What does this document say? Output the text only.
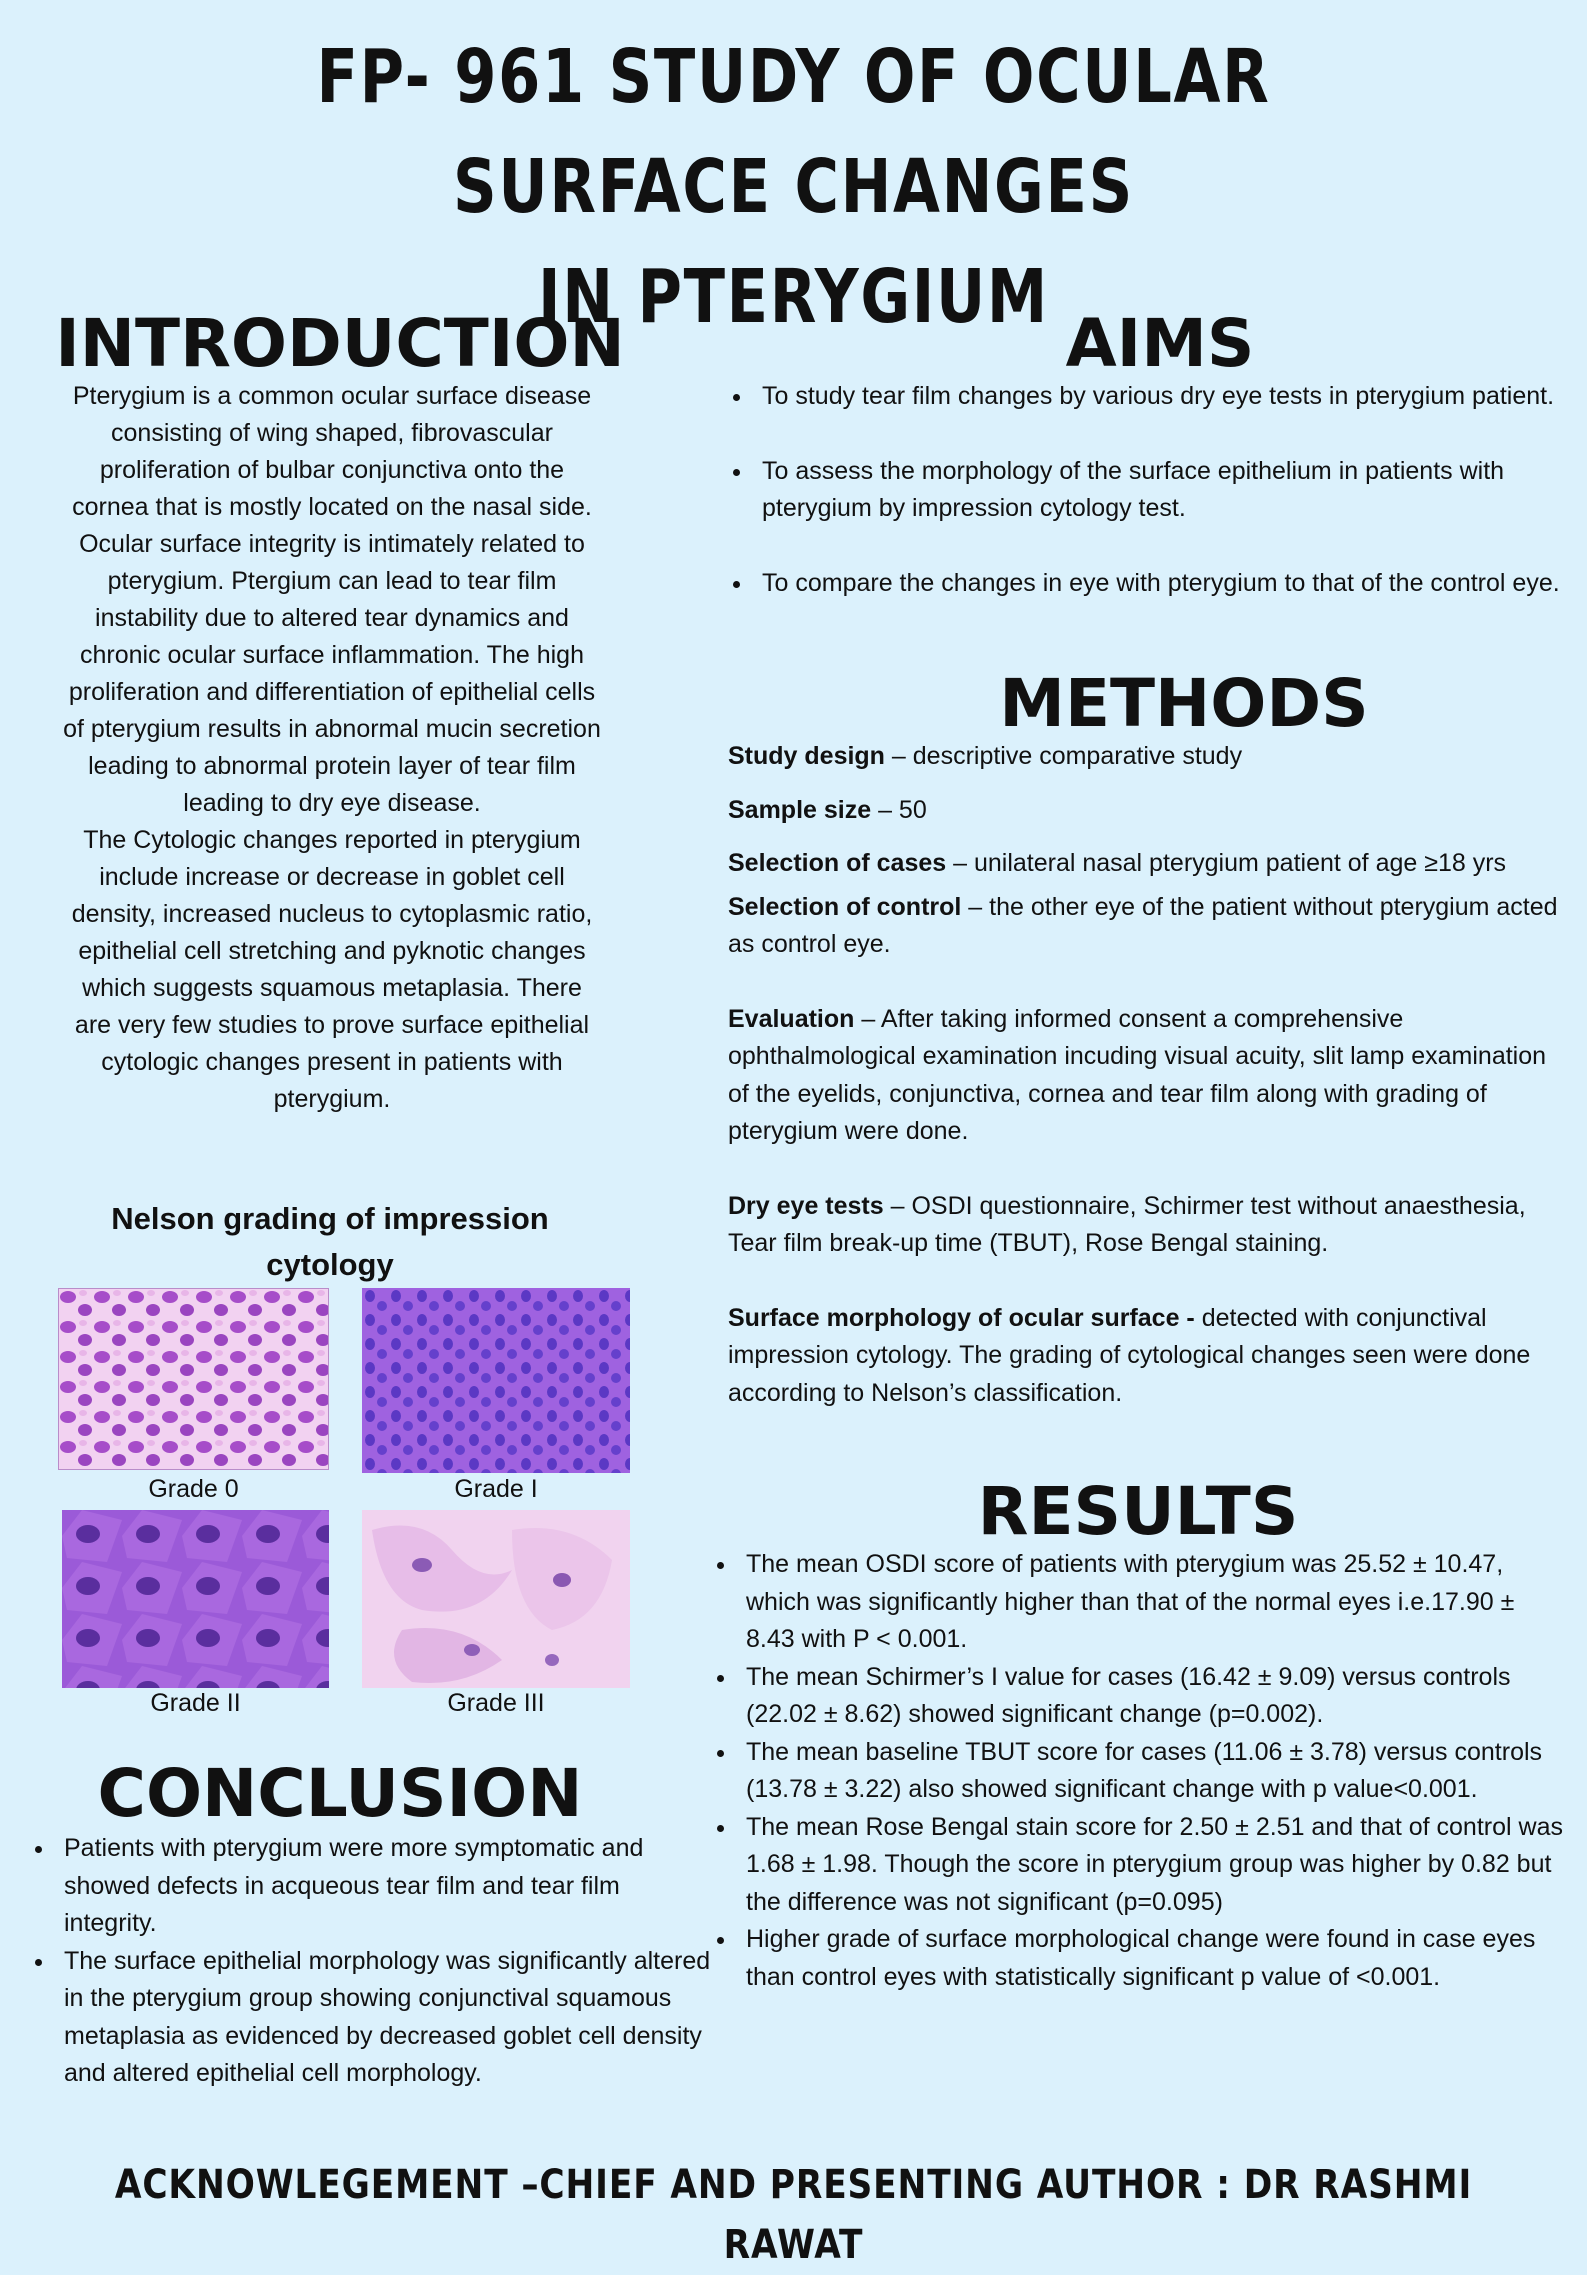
FP- 961 STUDY OF OCULAR SURFACE CHANGES
IN PTERYGIUM
INTRODUCTION

Pterygium is a common ocular surface disease consisting of wing shaped, fibrovascular proliferation of bulbar conjunctiva onto the cornea that is mostly located on the nasal side. Ocular surface integrity is intimately related to pterygium. Ptergium can lead to tear film instability due to altered tear dynamics and chronic ocular surface inflammation. The high proliferation and differentiation of epithelial cells of pterygium results in abnormal mucin secretion leading to abnormal protein layer of tear film leading to dry eye disease.

The Cytologic changes reported in pterygium include increase or decrease in goblet cell density, increased nucleus to cytoplasmic ratio, epithelial cell stretching and pyknotic changes which suggests squamous metaplasia. There are very few studies to prove surface epithelial cytologic changes present in patients with pterygium.

Nelson grading of impression cytology
Grade 0	Grade I
Grade II	Grade III
CONCLUSION
• Patients with pterygium were more symptomatic and showed defects in acqueous tear film and tear film integrity.
• The surface epithelial morphology was significantly altered in the pterygium group showing conjunctival squamous metaplasia as evidenced by decreased goblet cell density and altered epithelial cell morphology.
AIMS
• To study tear film changes by various dry eye tests in pterygium patient.
• To assess the morphology of the surface epithelium in patients with pterygium by impression cytology test.
• To compare the changes in eye with pterygium to that of the control eye.
METHODS

Study design – descriptive comparative study

Sample size – 50

Selection of cases – unilateral nasal pterygium patient of age ≥18 yrs

Selection of control – the other eye of the patient without pterygium acted as control eye.

Evaluation – After taking informed consent a comprehensive ophthalmological examination incuding visual acuity, slit lamp examination of the eyelids, conjunctiva, cornea and tear film along with grading of pterygium were done.

Dry eye tests – OSDI questionnaire, Schirmer test without anaesthesia, Tear film break-up time (TBUT), Rose Bengal staining.

Surface morphology of ocular surface - detected with conjunctival impression cytology. The grading of cytological changes seen were done according to Nelson’s classification.

RESULTS
• The mean OSDI score of patients with pterygium was 25.52 ± 10.47, which was significantly higher than that of the normal eyes i.e.17.90 ± 8.43 with P < 0.001.
• The mean Schirmer’s I value for cases (16.42 ± 9.09) versus controls (22.02 ± 8.62) showed significant change (p=0.002).
• The mean baseline TBUT score for cases (11.06 ± 3.78) versus controls (13.78 ± 3.22) also showed significant change with p value<0.001.
• The mean Rose Bengal stain score for 2.50 ± 2.51 and that of control was 1.68 ± 1.98. Though the score in pterygium group was higher by 0.82 but the difference was not significant (p=0.095)
• Higher grade of surface morphological change were found in case eyes than control eyes with statistically significant p value of <0.001.
ACKNOWLEGEMENT –CHIEF AND PRESENTING AUTHOR : DR RASHMI RAWAT
